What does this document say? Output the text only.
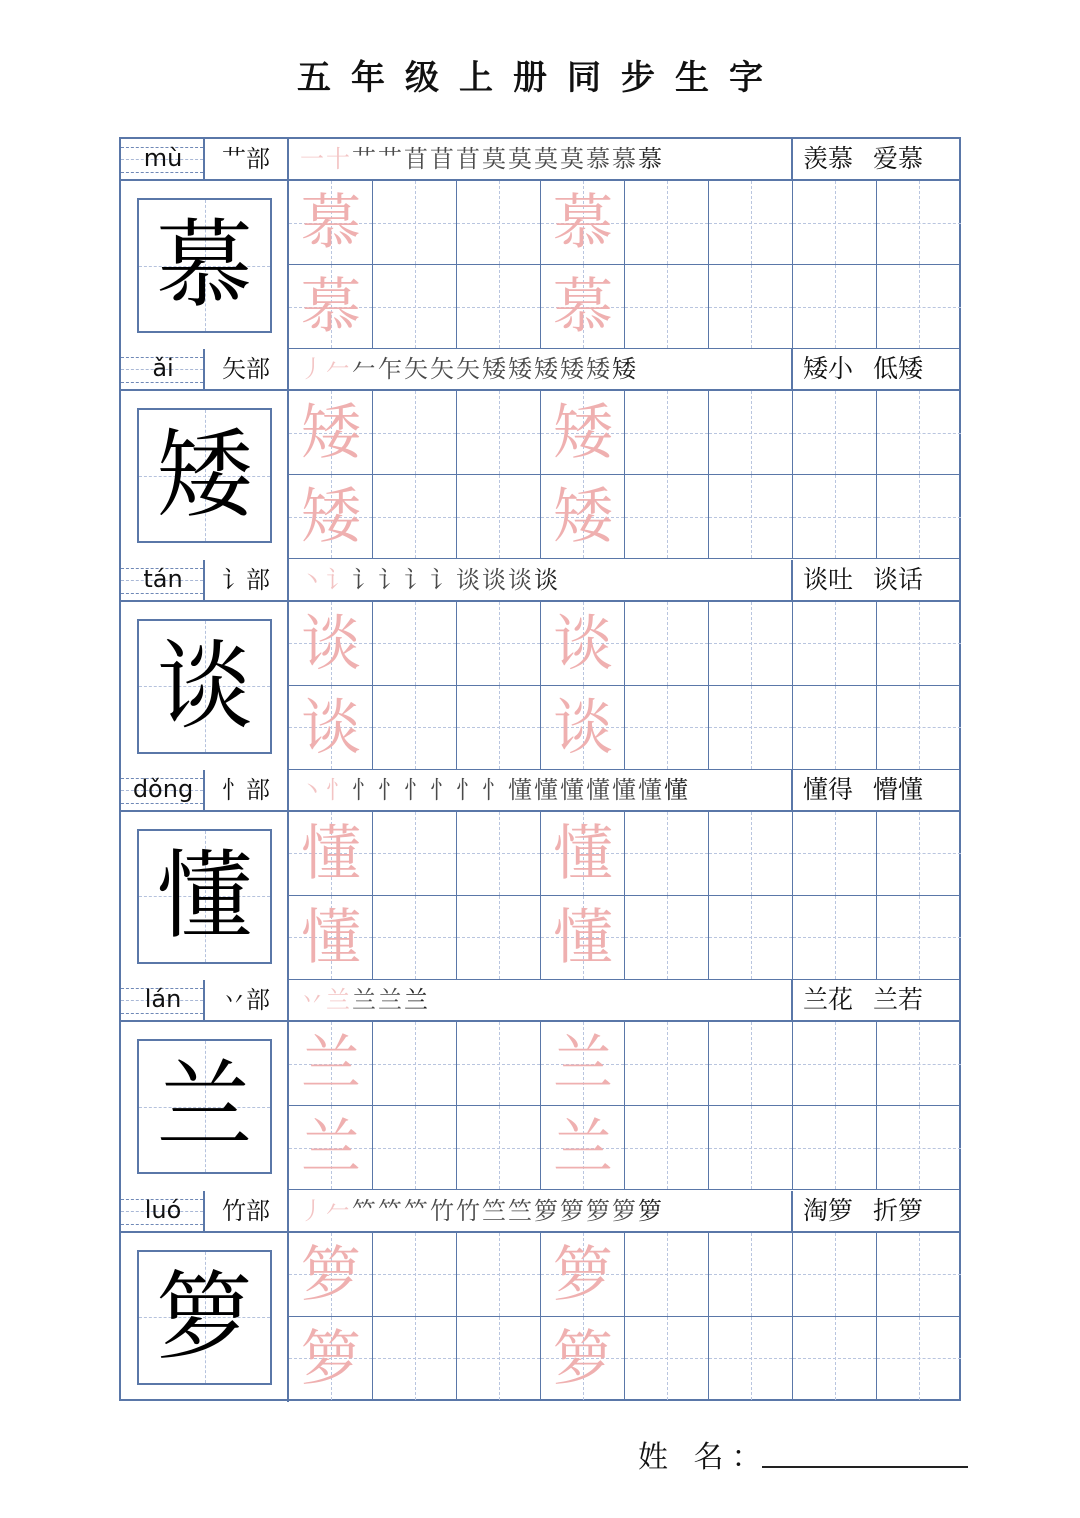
五年级上册同步生字
mù	艹部	一十艹艹苜苜苜莫莫莫莫慕慕慕	羡慕 爱慕
慕 慕	慕
慕	慕
ǎi	矢部	丿𠂉𠂉乍矢矢矢矮矮矮矮矮矮	矮小 低矮
矮 矮	矮
矮	矮
tán	讠部	丶讠讠讠讠讠谈谈谈谈	谈吐 谈话
谈 谈	谈
谈	谈
dǒng	忄部	丶忄忄忄忄忄忄忄懂懂懂懂懂懂懂	懂得 懵懂
懂 懂	懂
懂	懂
lán	丷部	丷兰兰兰兰	兰花 兰若
兰 兰	兰
兰	兰
luó	竹部	丿𠂉𥫗𥫗𥫗竹竹竺竺箩箩箩箩箩	淘箩 折箩
箩 箩	箩
箩	箩
姓 名：
